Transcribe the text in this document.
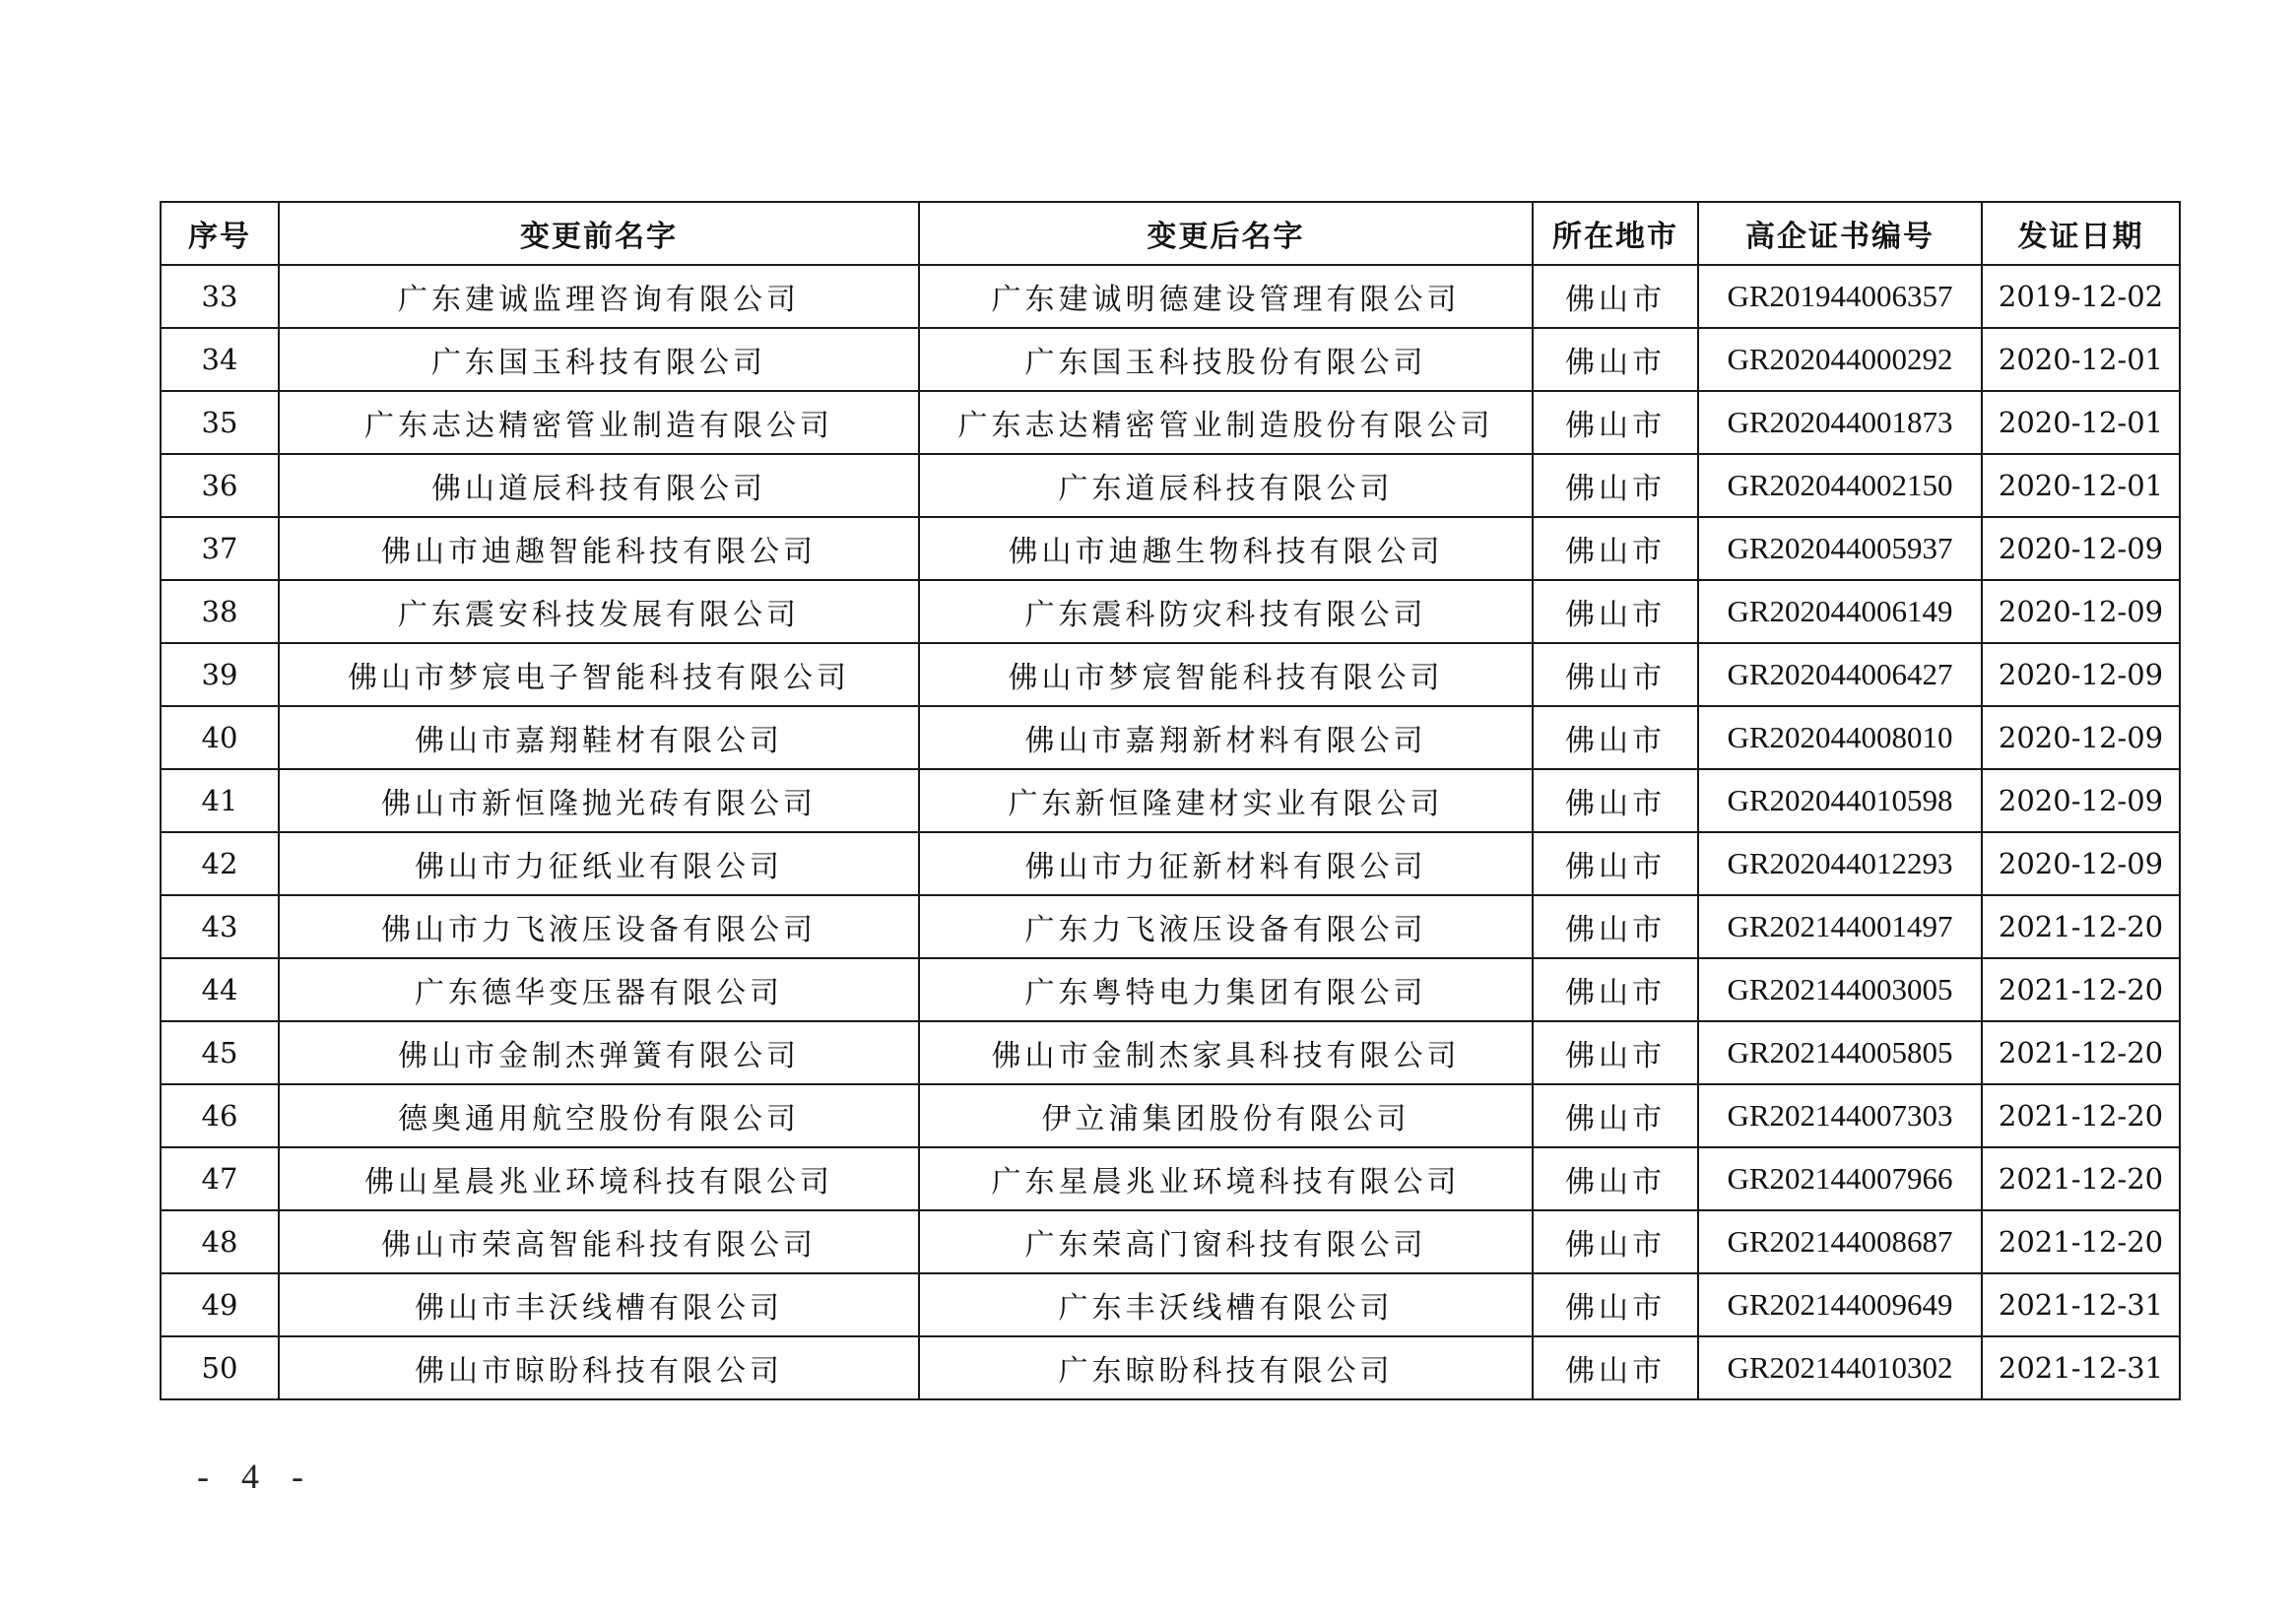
序号	变更前名字	变更后名字	所在地市	高企证书编号	发证日期
33	广东建诚监理咨询有限公司	广东建诚明德建设管理有限公司	佛山市	GR201944006357	2019-12-02
34	广东国玉科技有限公司	广东国玉科技股份有限公司	佛山市	GR202044000292	2020-12-01
35	广东志达精密管业制造有限公司	广东志达精密管业制造股份有限公司	佛山市	GR202044001873	2020-12-01
36	佛山道辰科技有限公司	广东道辰科技有限公司	佛山市	GR202044002150	2020-12-01
37	佛山市迪趣智能科技有限公司	佛山市迪趣生物科技有限公司	佛山市	GR202044005937	2020-12-09
38	广东震安科技发展有限公司	广东震科防灾科技有限公司	佛山市	GR202044006149	2020-12-09
39	佛山市梦宸电子智能科技有限公司	佛山市梦宸智能科技有限公司	佛山市	GR202044006427	2020-12-09
40	佛山市嘉翔鞋材有限公司	佛山市嘉翔新材料有限公司	佛山市	GR202044008010	2020-12-09
41	佛山市新恒隆抛光砖有限公司	广东新恒隆建材实业有限公司	佛山市	GR202044010598	2020-12-09
42	佛山市力征纸业有限公司	佛山市力征新材料有限公司	佛山市	GR202044012293	2020-12-09
43	佛山市力飞液压设备有限公司	广东力飞液压设备有限公司	佛山市	GR202144001497	2021-12-20
44	广东德华变压器有限公司	广东粤特电力集团有限公司	佛山市	GR202144003005	2021-12-20
45	佛山市金制杰弹簧有限公司	佛山市金制杰家具科技有限公司	佛山市	GR202144005805	2021-12-20
46	德奥通用航空股份有限公司	伊立浦集团股份有限公司	佛山市	GR202144007303	2021-12-20
47	佛山星晨兆业环境科技有限公司	广东星晨兆业环境科技有限公司	佛山市	GR202144007966	2021-12-20
48	佛山市荣高智能科技有限公司	广东荣高门窗科技有限公司	佛山市	GR202144008687	2021-12-20
49	佛山市丰沃线槽有限公司	广东丰沃线槽有限公司	佛山市	GR202144009649	2021-12-31
50	佛山市晾盼科技有限公司	广东晾盼科技有限公司	佛山市	GR202144010302	2021-12-31
- 4 -
